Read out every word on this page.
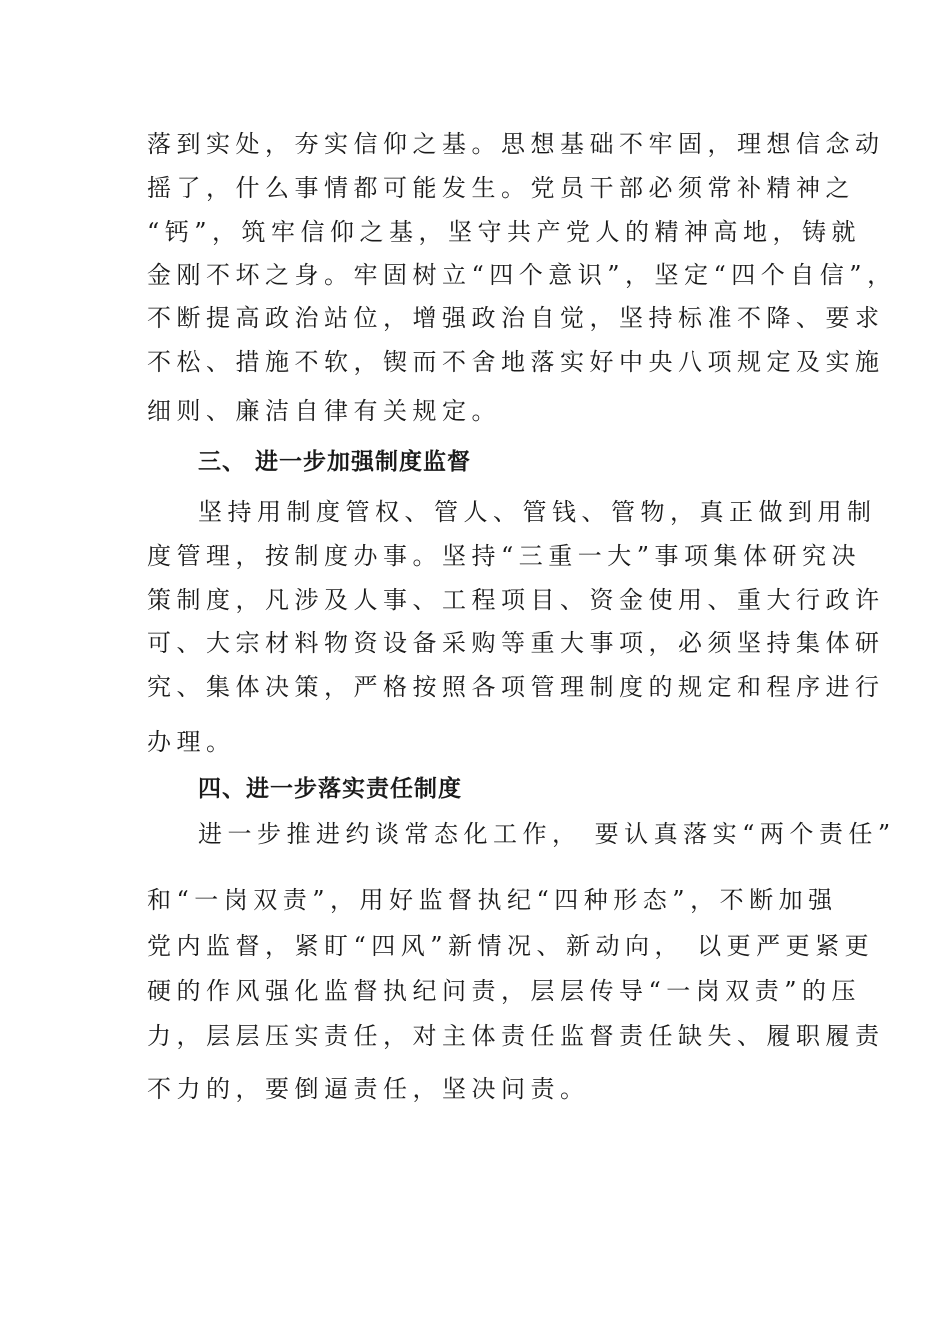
落到实处，夯实信仰之基。思想基础不牢固，理想信念动
摇了，什么事情都可能发生。党员干部必须常补精神之
“钙”，筑牢信仰之基，坚守共产党人的精神高地，铸就
金刚不坏之身。牢固树立“四个意识”，坚定“四个自信”，
不断提高政治站位，增强政治自觉，坚持标准不降、要求
不松、措施不软，锲而不舍地落实好中央八项规定及实施
细则、廉洁自律有关规定。
三、 进一步加强制度监督
坚持用制度管权、管人、管钱、管物，真正做到用制
度管理，按制度办事。坚持“三重一大”事项集体研究决
策制度，凡涉及人事、工程项目、资金使用、重大行政许
可、大宗材料物资设备采购等重大事项，必须坚持集体研
究、集体决策，严格按照各项管理制度的规定和程序进行
办理。
四、进一步落实责任制度
进一步推进约谈常态化工作， 要认真落实“两个责任”
和“一岗双责”，用好监督执纪“四种形态”，不断加强
党内监督，紧盯“四风”新情况、新动向， 以更严更紧更
硬的作风强化监督执纪问责，层层传导“一岗双责”的压
力，层层压实责任，对主体责任监督责任缺失、履职履责
不力的，要倒逼责任，坚决问责。
